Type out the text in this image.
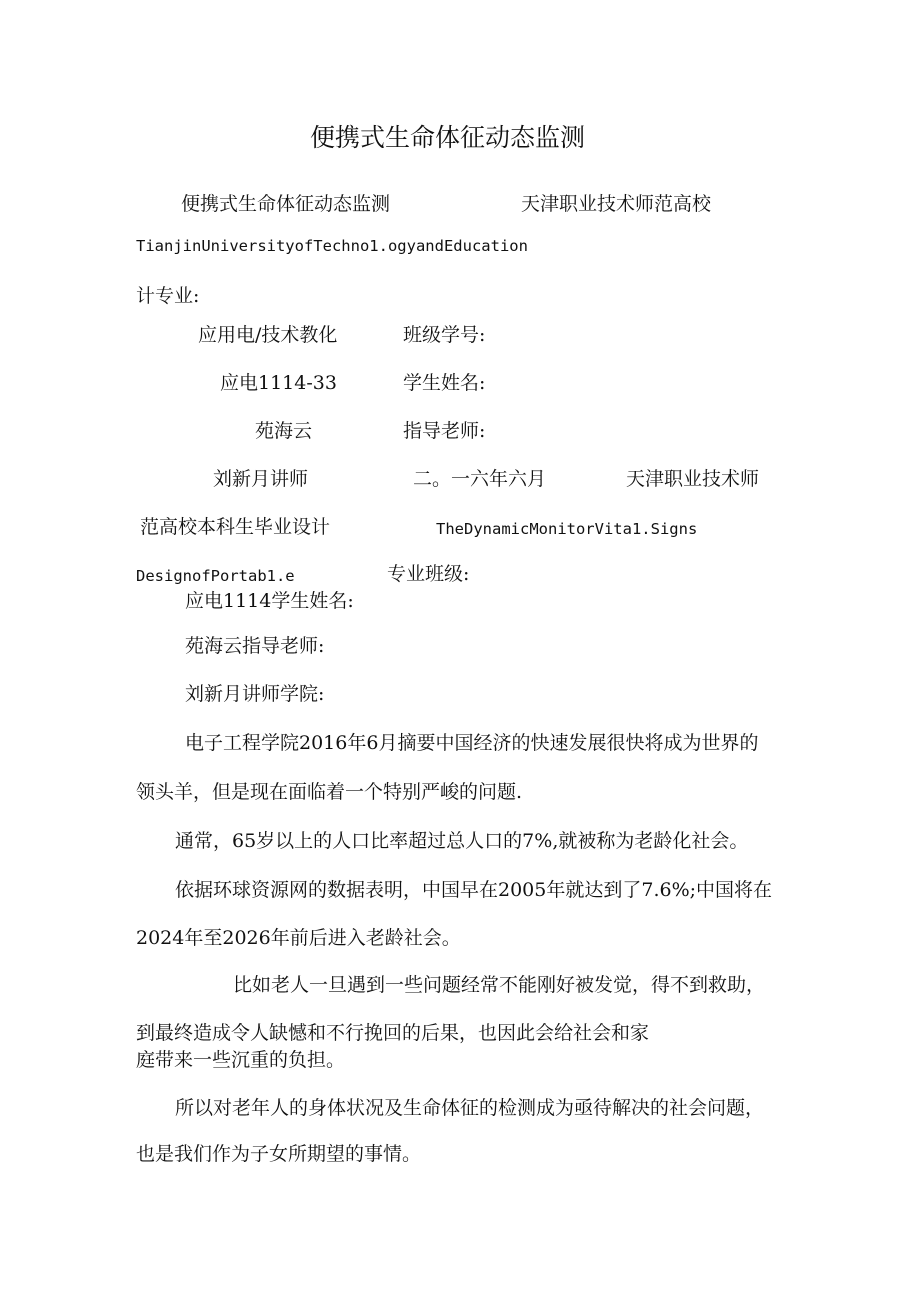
便携式生命体征动态监测
便携式生命体征动态监测	天津职业技术师范高校
TianjinUniversityofTechno1.ogyandEducation
计专业:
应用电/技术教化	班级学号:
应电1114-33	学生姓名:
苑海云	指导老师:
刘新月讲师	二。一六年六月	天津职业技术师
范高校本科生毕业设计	TheDynamicMonitorVita1.Signs
DesignofPortab1.e	专业班级:
应电1114学生姓名:
苑海云指导老师:
刘新月讲师学院:
电子工程学院2016年6月摘要中国经济的快速发展很快将成为世界的
领头羊，但是现在面临着一个特别严峻的问题.
通常，65岁以上的人口比率超过总人口的7%,就被称为老龄化社会。
依据环球资源网的数据表明，中国早在2005年就达到了7.6%;中国将在
2024年至2026年前后进入老龄社会。
比如老人一旦遇到一些问题经常不能刚好被发觉，得不到救助，
到最终造成令人缺憾和不行挽回的后果，也因此会给社会和家
庭带来一些沉重的负担。
所以对老年人的身体状况及生命体征的检测成为亟待解决的社会问题，
也是我们作为子女所期望的事情。
